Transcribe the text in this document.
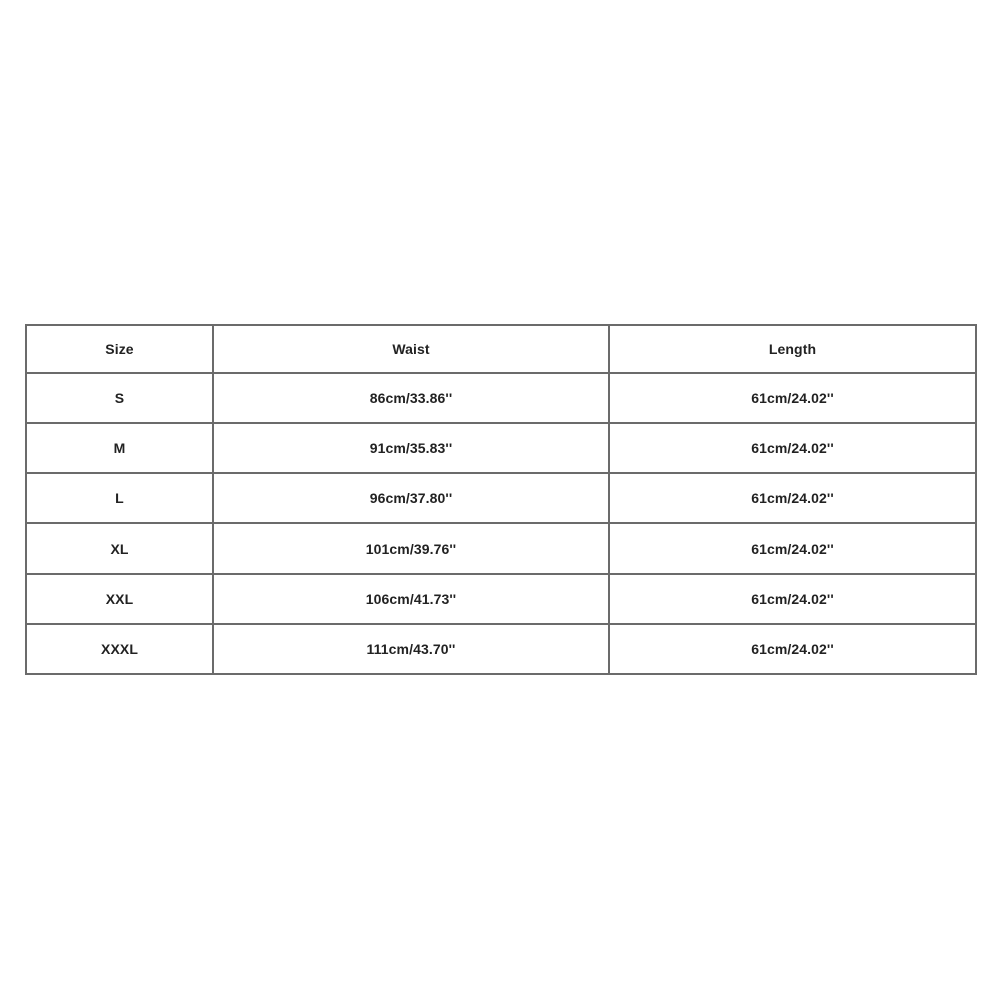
Size	Waist	Length
S	86cm/33.86''	61cm/24.02''
M	91cm/35.83''	61cm/24.02''
L	96cm/37.80''	61cm/24.02''
XL	101cm/39.76''	61cm/24.02''
XXL	106cm/41.73''	61cm/24.02''
XXXL	111cm/43.70''	61cm/24.02''
